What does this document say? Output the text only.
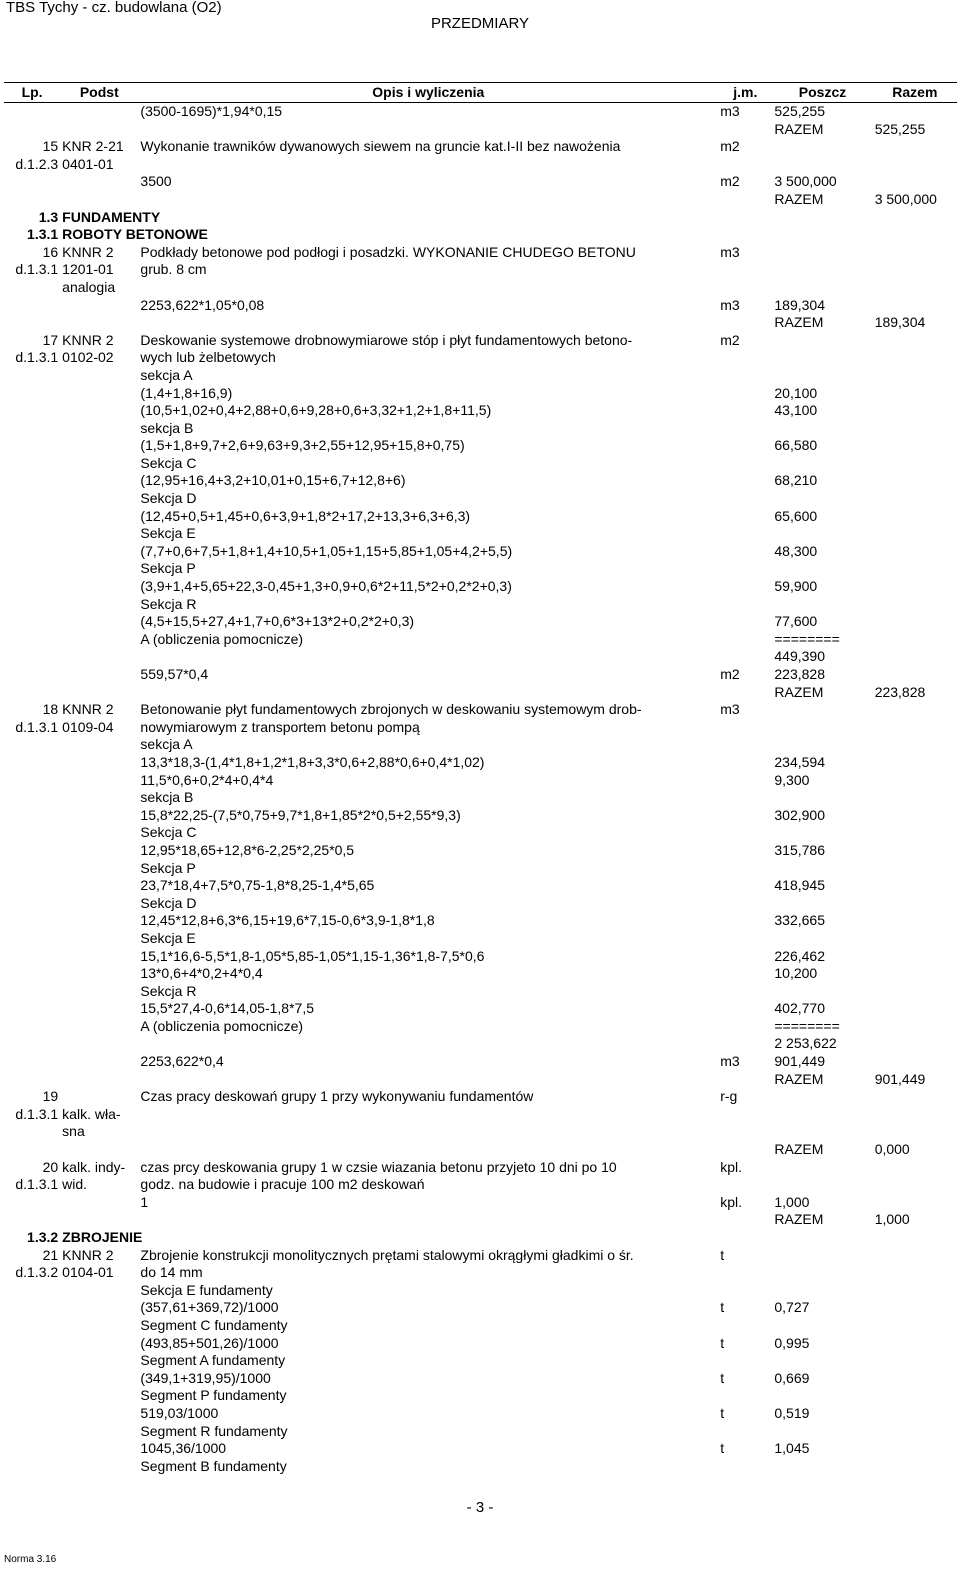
TBS Tychy - cz. budowlana (O2)
PRZEDMIARY
Lp.	Podst	Opis i wyliczenia	j.m.	Poszcz	Razem
		(3500-1695)*1,94*0,15	m3	525,255	
				RAZEM	525,255
15	KNR 2-21	Wykonanie trawników dywanowych siewem na gruncie kat.I-II bez nawożenia	m2		
d.1.2.3	0401-01				
		3500	m2	3 500,000	
				RAZEM	3 500,000
1.3	FUNDAMENTY				
1.3.1	ROBOTY BETONOWE				
16	KNNR 2	Podkłady betonowe pod podłogi i posadzki. WYKONANIE CHUDEGO BETONU	m3		
d.1.3.1	1201-01	grub. 8 cm			
	analogia				
		2253,622*1,05*0,08	m3	189,304	
				RAZEM	189,304
17	KNNR 2	Deskowanie systemowe drobnowymiarowe stóp i płyt fundamentowych betono-	m2		
d.1.3.1	0102-02	wych lub żelbetowych			
		sekcja A			
		(1,4+1,8+16,9)		20,100	
		(10,5+1,02+0,4+2,88+0,6+9,28+0,6+3,32+1,2+1,8+11,5)		43,100	
		sekcja B			
		(1,5+1,8+9,7+2,6+9,63+9,3+2,55+12,95+15,8+0,75)		66,580	
		Sekcja C			
		(12,95+16,4+3,2+10,01+0,15+6,7+12,8+6)		68,210	
		Sekcja D			
		(12,45+0,5+1,45+0,6+3,9+1,8*2+17,2+13,3+6,3+6,3)		65,600	
		Sekcja E			
		(7,7+0,6+7,5+1,8+1,4+10,5+1,05+1,15+5,85+1,05+4,2+5,5)		48,300	
		Sekcja P			
		(3,9+1,4+5,65+22,3-0,45+1,3+0,9+0,6*2+11,5*2+0,2*2+0,3)		59,900	
		Sekcja R			
		(4,5+15,5+27,4+1,7+0,6*3+13*2+0,2*2+0,3)		77,600	
		A (obliczenia pomocnicze)		========	
				449,390	
		559,57*0,4	m2	223,828	
				RAZEM	223,828
18	KNNR 2	Betonowanie płyt fundamentowych zbrojonych w deskowaniu systemowym drob-	m3		
d.1.3.1	0109-04	nowymiarowym z transportem betonu pompą			
		sekcja A			
		13,3*18,3-(1,4*1,8+1,2*1,8+3,3*0,6+2,88*0,6+0,4*1,02)		234,594	
		11,5*0,6+0,2*4+0,4*4		9,300	
		sekcja B			
		15,8*22,25-(7,5*0,75+9,7*1,8+1,85*2*0,5+2,55*9,3)		302,900	
		Sekcja C			
		12,95*18,65+12,8*6-2,25*2,25*0,5		315,786	
		Sekcja P			
		23,7*18,4+7,5*0,75-1,8*8,25-1,4*5,65		418,945	
		Sekcja D			
		12,45*12,8+6,3*6,15+19,6*7,15-0,6*3,9-1,8*1,8		332,665	
		Sekcja E			
		15,1*16,6-5,5*1,8-1,05*5,85-1,05*1,15-1,36*1,8-7,5*0,6		226,462	
		13*0,6+4*0,2+4*0,4		10,200	
		Sekcja R			
		15,5*27,4-0,6*14,05-1,8*7,5		402,770	
		A (obliczenia pomocnicze)		========	
				2 253,622	
		2253,622*0,4	m3	901,449	
				RAZEM	901,449
19		Czas pracy deskowań grupy 1 przy wykonywaniu fundamentów	r-g		
d.1.3.1	kalk. wła-				
	sna				
				RAZEM	0,000
20	kalk. indy-	czas prcy deskowania grupy 1 w czsie wiazania betonu przyjeto 10 dni po 10	kpl.		
d.1.3.1	wid.	godz. na budowie i pracuje 100 m2 deskowań			
		1	kpl.	1,000	
				RAZEM	1,000
1.3.2	ZBROJENIE				
21	KNNR 2	Zbrojenie konstrukcji monolitycznych prętami stalowymi okrągłymi gładkimi o śr.	t		
d.1.3.2	0104-01	do 14 mm			
		Sekcja E fundamenty			
		(357,61+369,72)/1000	t	0,727	
		Segment C fundamenty			
		(493,85+501,26)/1000	t	0,995	
		Segment A fundamenty			
		(349,1+319,95)/1000	t	0,669	
		Segment P fundamenty			
		519,03/1000	t	0,519	
		Segment R fundamenty			
		1045,36/1000	t	1,045	
		Segment B fundamenty			
- 3 -
Norma 3.16
